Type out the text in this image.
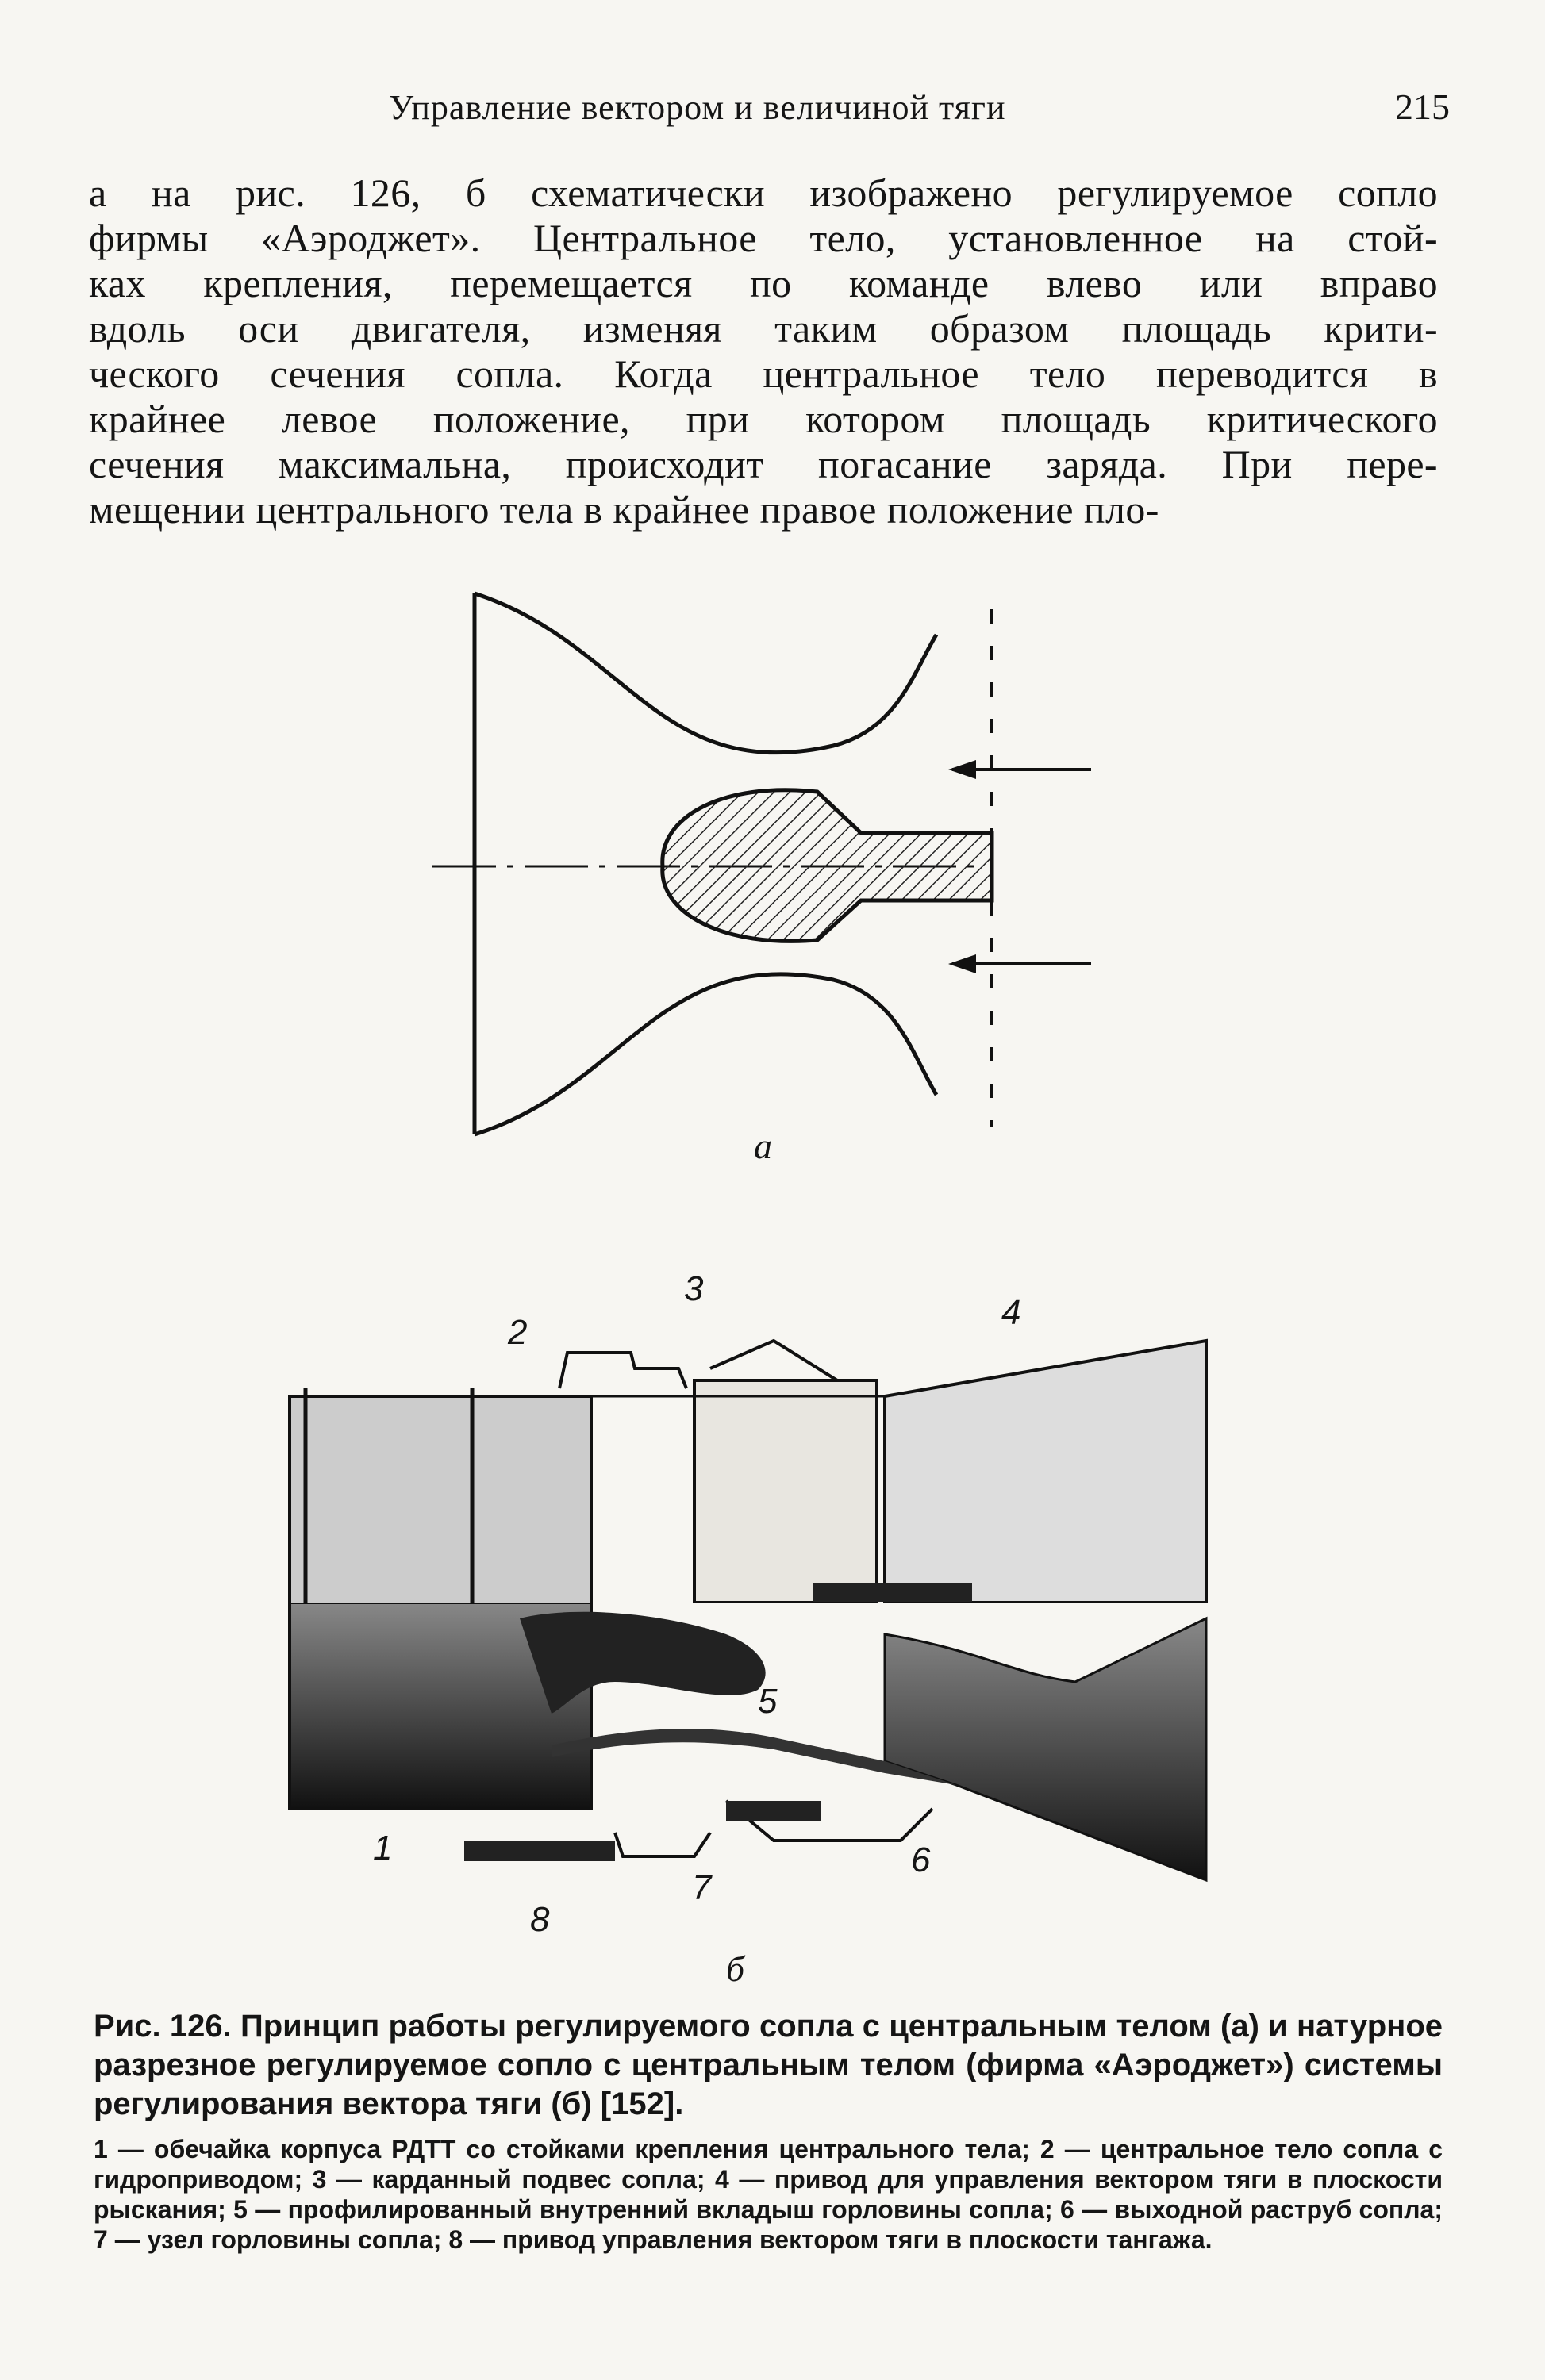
Управление вектором и величиной тяги	215
а на рис. 126, б схематически изображено регулируемое сопло
фирмы «Аэроджет». Центральное тело, установленное на стой-
ках крепления, перемещается по команде влево или вправо
вдоль оси двигателя, изменяя таким образом площадь крити-
ческого сечения сопла. Когда центральное тело переводится в
крайнее левое положение, при котором площадь критического
сечения максимальна, происходит погасание заряда. При пере-
мещении центрального тела в крайнее правое положение пло-
а
1
2
3
4
5
6
7
8
б
Рис. 126. Принцип работы регулируемого сопла с центральным телом (а) и натурное разрезное регулируемое сопло с центральным телом (фирма «Аэроджет») системы регулирования вектора тяги (б) [152].
1 — обечайка корпуса РДТТ со стойками крепления центрального тела; 2 — центральное тело сопла с гидроприводом; 3 — карданный подвес сопла; 4 — привод для управления вектором тяги в плоскости рыскания; 5 — профилированный внутренний вкладыш горловины сопла; 6 — выходной раструб сопла; 7 — узел горловины сопла; 8 — привод управления вектором тяги в плоскости тангажа.
